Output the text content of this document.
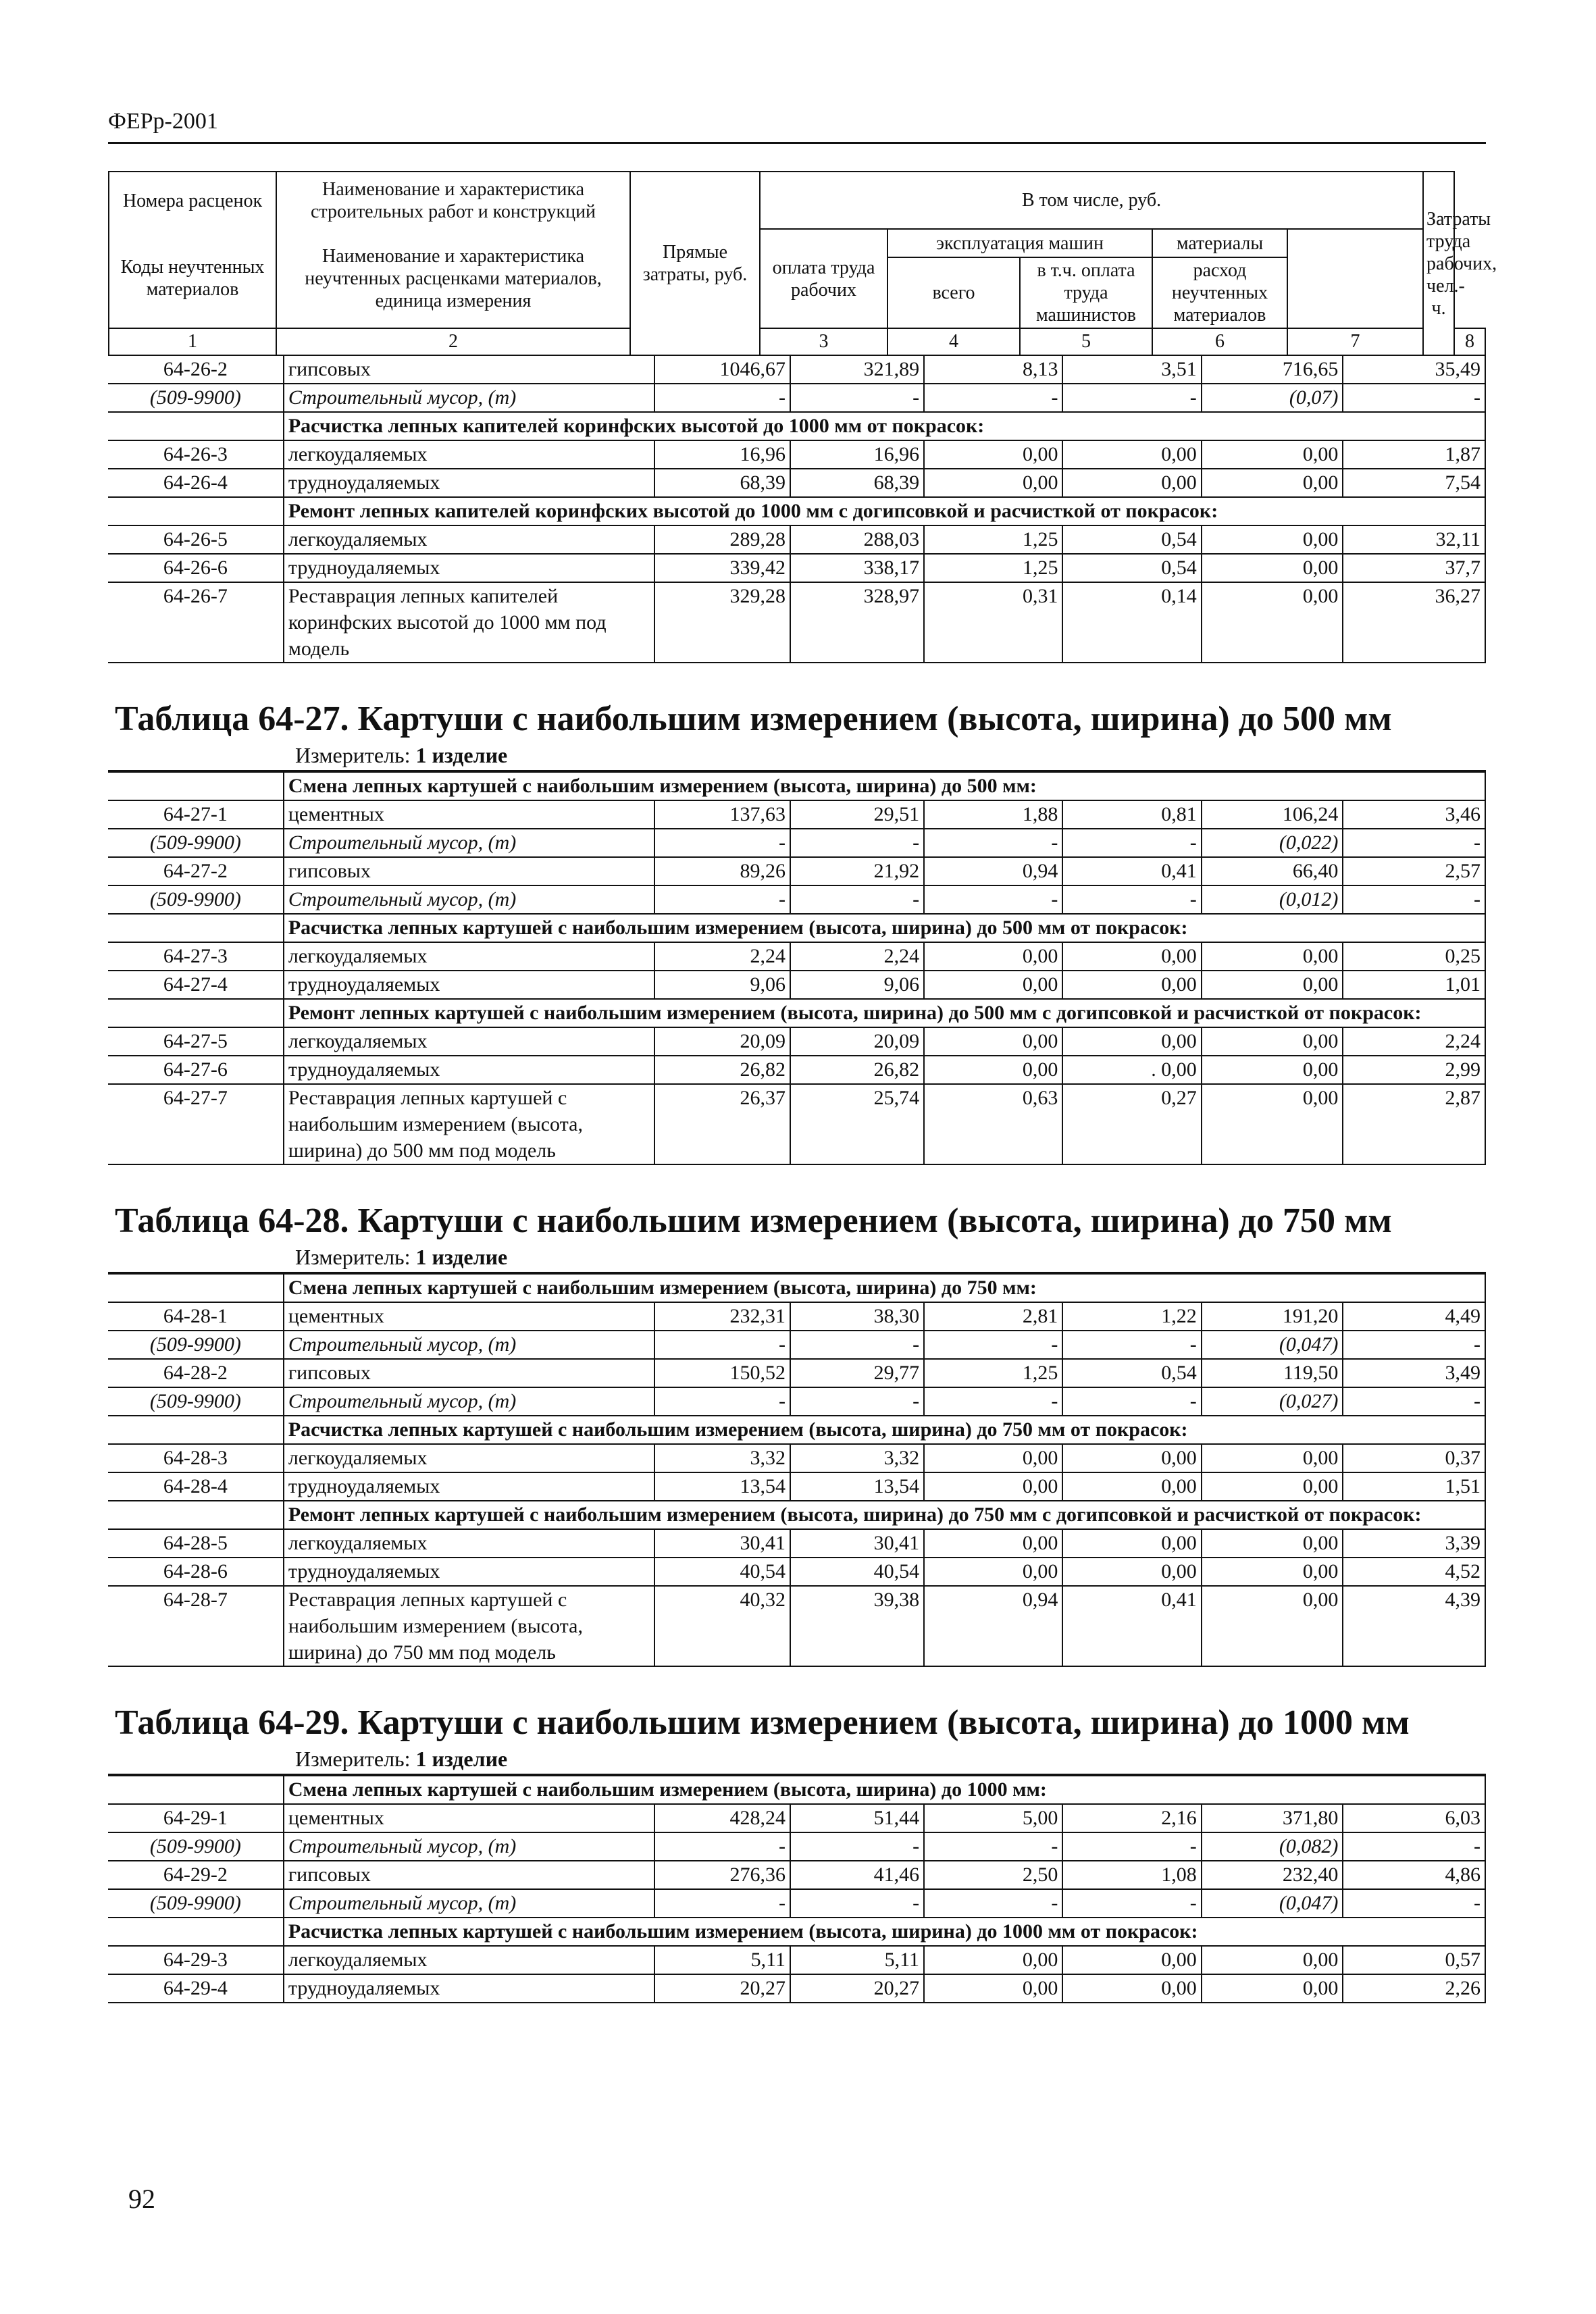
ФЕРр-2001
Номера расценок	Наименование и характеристика строительных работ и конструкций	Прямые затраты, руб.	В том числе, руб.					Затраты труда рабочих, чел.-ч.	
Коды неучтенных материалов	Наименование и характеристика неучтенных расценками материалов, единица измерения		оплата труда рабочих	эксплуатация машин		материалы			
				всего	в т.ч. оплата труда машинистов	расход неучтенных материалов			
1	2		3	4	5	6	7		8
64-26-2	гипсовых	1046,67	321,89	8,13	3,51	716,65	35,49
(509-9900)	Строительный мусор, (т)	-	-	-	-	(0,07)	-
	Расчистка лепных капителей коринфских высотой до 1000 мм от покрасок:						
64-26-3	легкоудаляемых	16,96	16,96	0,00	0,00	0,00	1,87
64-26-4	трудноудаляемых	68,39	68,39	0,00	0,00	0,00	7,54
	Ремонт лепных капителей коринфских высотой до 1000 мм с догипсовкой и расчисткой от покрасок:						
64-26-5	легкоудаляемых	289,28	288,03	1,25	0,54	0,00	32,11
64-26-6	трудноудаляемых	339,42	338,17	1,25	0,54	0,00	37,7
64-26-7	Реставрация лепных капителей коринфских высотой до 1000 мм под модель	329,28	328,97	0,31	0,14	0,00	36,27
Таблица 64-27. Картуши с наибольшим измерением (высота, ширина) до 500 мм
Измеритель: 1 изделие
	Смена лепных картушей с наибольшим измерением (высота, ширина) до 500 мм:						
64-27-1	цементных	137,63	29,51	1,88	0,81	106,24	3,46
(509-9900)	Строительный мусор, (т)	-	-	-	-	(0,022)	-
64-27-2	гипсовых	89,26	21,92	0,94	0,41	66,40	2,57
(509-9900)	Строительный мусор, (т)	-	-	-	-	(0,012)	-
	Расчистка лепных картушей с наибольшим измерением (высота, ширина) до 500 мм от покрасок:						
64-27-3	легкоудаляемых	2,24	2,24	0,00	0,00	0,00	0,25
64-27-4	трудноудаляемых	9,06	9,06	0,00	0,00	0,00	1,01
	Ремонт лепных картушей с наибольшим измерением (высота, ширина) до 500 мм с догипсовкой и расчисткой от покрасок:						
64-27-5	легкоудаляемых	20,09	20,09	0,00	0,00	0,00	2,24
64-27-6	трудноудаляемых	26,82	26,82	0,00	. 0,00	0,00	2,99
64-27-7	Реставрация лепных картушей с наибольшим измерением (высота, ширина) до 500 мм под модель	26,37	25,74	0,63	0,27	0,00	2,87
Таблица 64-28. Картуши с наибольшим измерением (высота, ширина) до 750 мм
Измеритель: 1 изделие
	Смена лепных картушей с наибольшим измерением (высота, ширина) до 750 мм:						
64-28-1	цементных	232,31	38,30	2,81	1,22	191,20	4,49
(509-9900)	Строительный мусор, (т)	-	-	-	-	(0,047)	-
64-28-2	гипсовых	150,52	29,77	1,25	0,54	119,50	3,49
(509-9900)	Строительный мусор, (т)	-	-	-	-	(0,027)	-
	Расчистка лепных картушей с наибольшим измерением (высота, ширина) до 750 мм от покрасок:						
64-28-3	легкоудаляемых	3,32	3,32	0,00	0,00	0,00	0,37
64-28-4	трудноудаляемых	13,54	13,54	0,00	0,00	0,00	1,51
	Ремонт лепных картушей с наибольшим измерением (высота, ширина) до 750 мм с догипсовкой и расчисткой от покрасок:						
64-28-5	легкоудаляемых	30,41	30,41	0,00	0,00	0,00	3,39
64-28-6	трудноудаляемых	40,54	40,54	0,00	0,00	0,00	4,52
64-28-7	Реставрация лепных картушей с наибольшим измерением (высота, ширина) до 750 мм под модель	40,32	39,38	0,94	0,41	0,00	4,39
Таблица 64-29. Картуши с наибольшим измерением (высота, ширина) до 1000 мм
Измеритель: 1 изделие
	Смена лепных картушей с наибольшим измерением (высота, ширина) до 1000 мм:						
64-29-1	цементных	428,24	51,44	5,00	2,16	371,80	6,03
(509-9900)	Строительный мусор, (т)	-	-	-	-	(0,082)	-
64-29-2	гипсовых	276,36	41,46	2,50	1,08	232,40	4,86
(509-9900)	Строительный мусор, (т)	-	-	-	-	(0,047)	-
	Расчистка лепных картушей с наибольшим измерением (высота, ширина) до 1000 мм от покрасок:						
64-29-3	легкоудаляемых	5,11	5,11	0,00	0,00	0,00	0,57
64-29-4	трудноудаляемых	20,27	20,27	0,00	0,00	0,00	2,26
92
